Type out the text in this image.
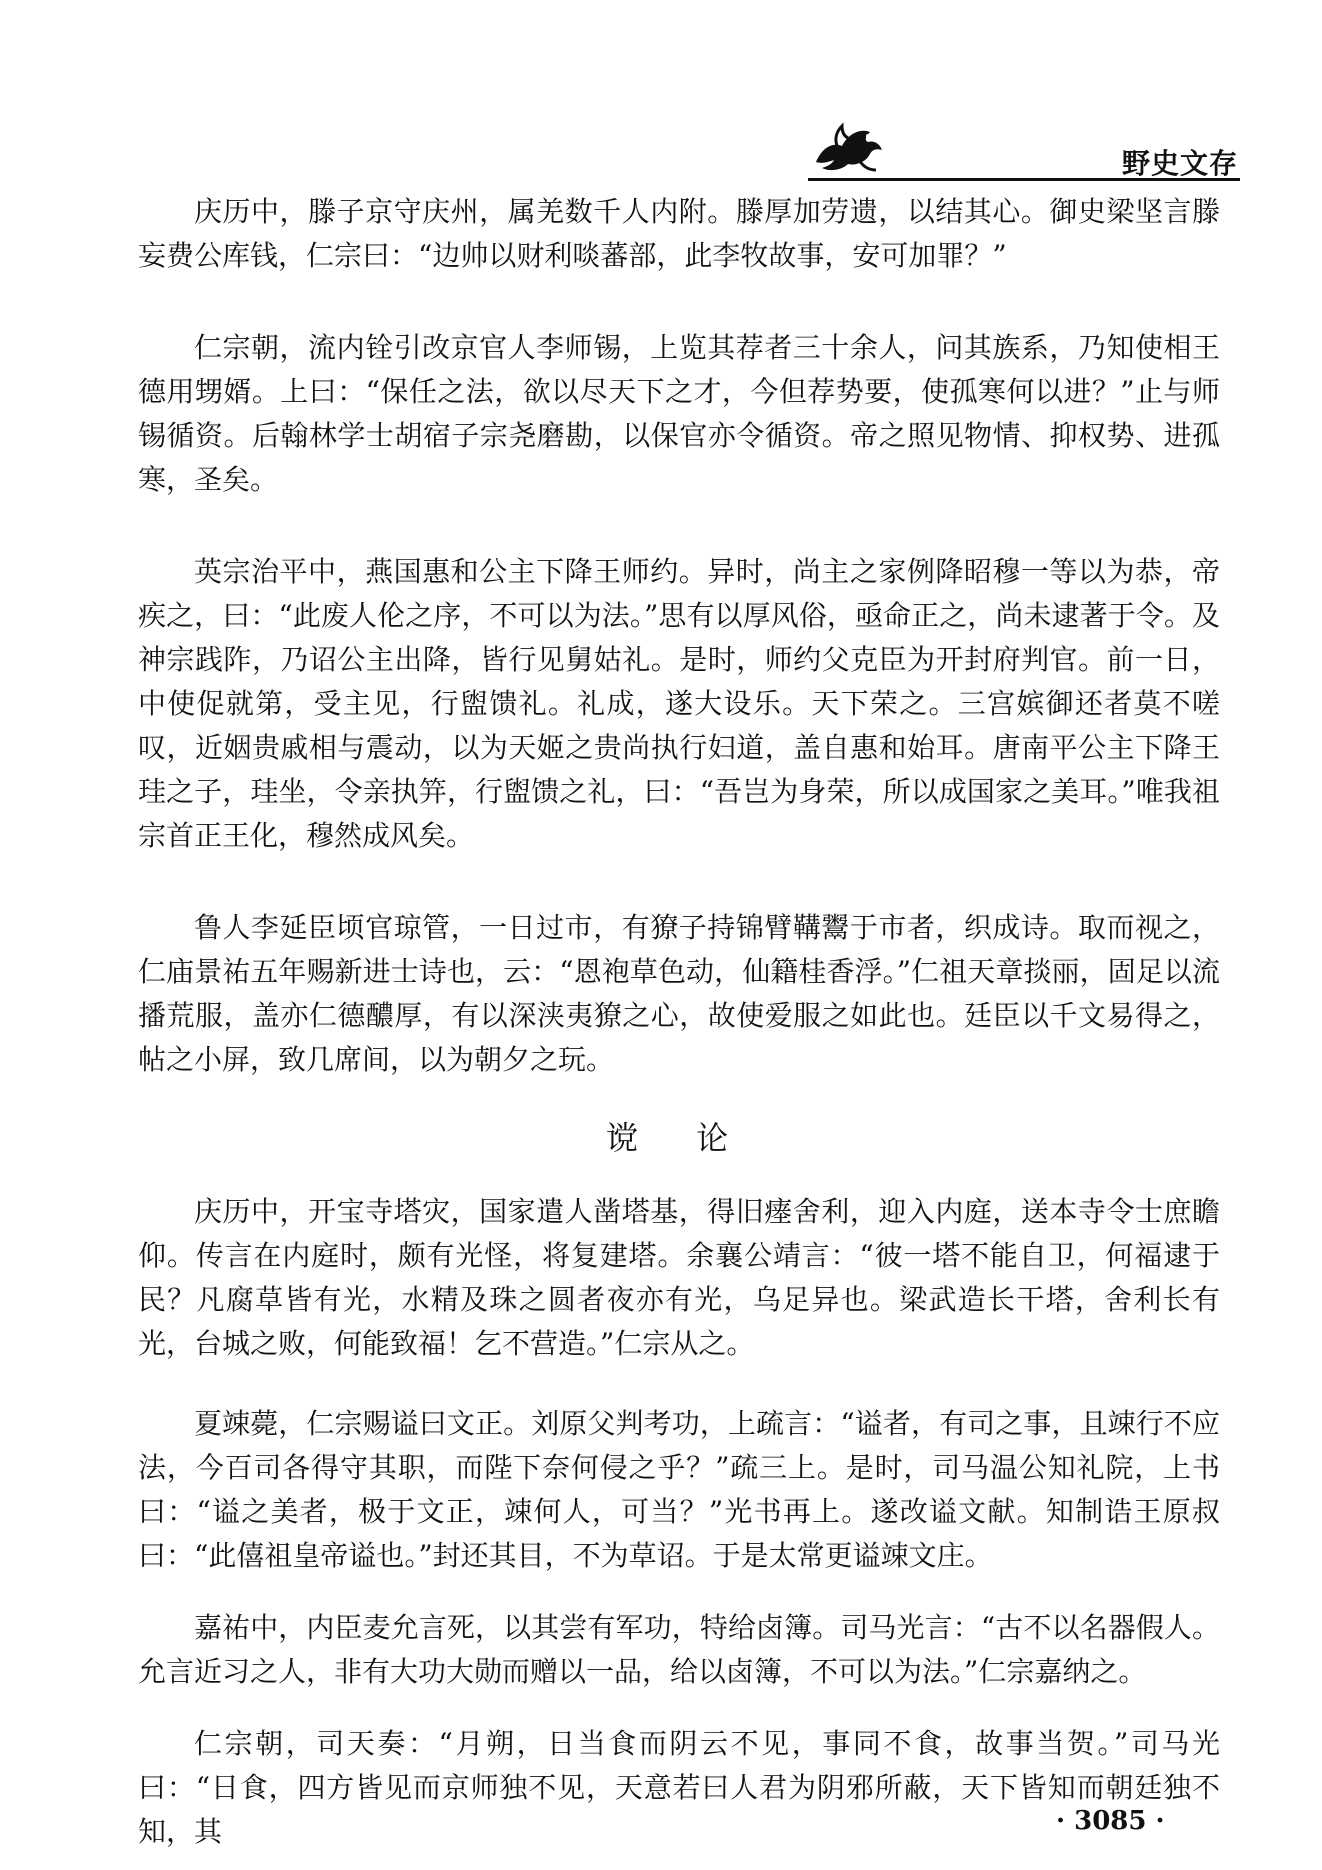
野史文存

庆历中，滕子京守庆州，属羌数千人内附。滕厚加劳遗，以结其心。御史梁坚言滕妄费公库钱，仁宗曰：“边帅以财利啖蕃部，此李牧故事，安可加罪？”

仁宗朝，流内铨引改京官人李师锡，上览其荐者三十余人，问其族系，乃知使相王德用甥婿。上曰：“保任之法，欲以尽天下之才，今但荐势要，使孤寒何以进？”止与师锡循资。后翰林学士胡宿子宗尧磨勘，以保官亦令循资。帝之照见物情、抑权势、进孤寒，圣矣。

英宗治平中，燕国惠和公主下降王师约。异时，尚主之家例降昭穆一等以为恭，帝疾之，曰：“此废人伦之序，不可以为法。”思有以厚风俗，亟命正之，尚未逮著于令。及神宗践阼，乃诏公主出降，皆行见舅姑礼。是时，师约父克臣为开封府判官。前一日，中使促就第，受主见，行盥馈礼。礼成，遂大设乐。天下荣之。三宫嫔御还者莫不嗟叹，近姻贵戚相与震动，以为天姬之贵尚执行妇道，盖自惠和始耳。唐南平公主下降王珪之子，珪坐，令亲执笄，行盥馈之礼，曰：“吾岂为身荣，所以成国家之美耳。”唯我祖宗首正王化，穆然成风矣。

鲁人李延臣顷官琼管，一日过市，有獠子持锦臂鞲鬻于市者，织成诗。取而视之，仁庙景祐五年赐新进士诗也，云：“恩袍草色动，仙籍桂香浮。”仁祖天章掞丽，固足以流播荒服，盖亦仁德醲厚，有以深浃夷獠之心，故使爱服之如此也。廷臣以千文易得之，帖之小屏，致几席间，以为朝夕之玩。

谠 论

庆历中，开宝寺塔灾，国家遣人凿塔基，得旧瘗舍利，迎入内庭，送本寺令士庶瞻仰。传言在内庭时，颇有光怪，将复建塔。余襄公靖言：“彼一塔不能自卫，何福逮于民？凡腐草皆有光，水精及珠之圆者夜亦有光，乌足异也。梁武造长干塔，舍利长有光，台城之败，何能致福！乞不营造。”仁宗从之。

夏竦薨，仁宗赐谥曰文正。刘原父判考功，上疏言：“谥者，有司之事，且竦行不应法，今百司各得守其职，而陛下奈何侵之乎？”疏三上。是时，司马温公知礼院，上书曰：“谥之美者，极于文正，竦何人，可当？”光书再上。遂改谥文献。知制诰王原叔曰：“此僖祖皇帝谥也。”封还其目，不为草诏。于是太常更谥竦文庄。

嘉祐中，内臣麦允言死，以其尝有军功，特给卤簿。司马光言：“古不以名器假人。允言近习之人，非有大功大勋而赠以一品，给以卤簿，不可以为法。”仁宗嘉纳之。

仁宗朝，司天奏：“月朔，日当食而阴云不见，事同不食，故事当贺。”司马光曰：“日食，四方皆见而京师独不见，天意若曰人君为阴邪所蔽，天下皆知而朝廷独不知，其	· 3085 ·
